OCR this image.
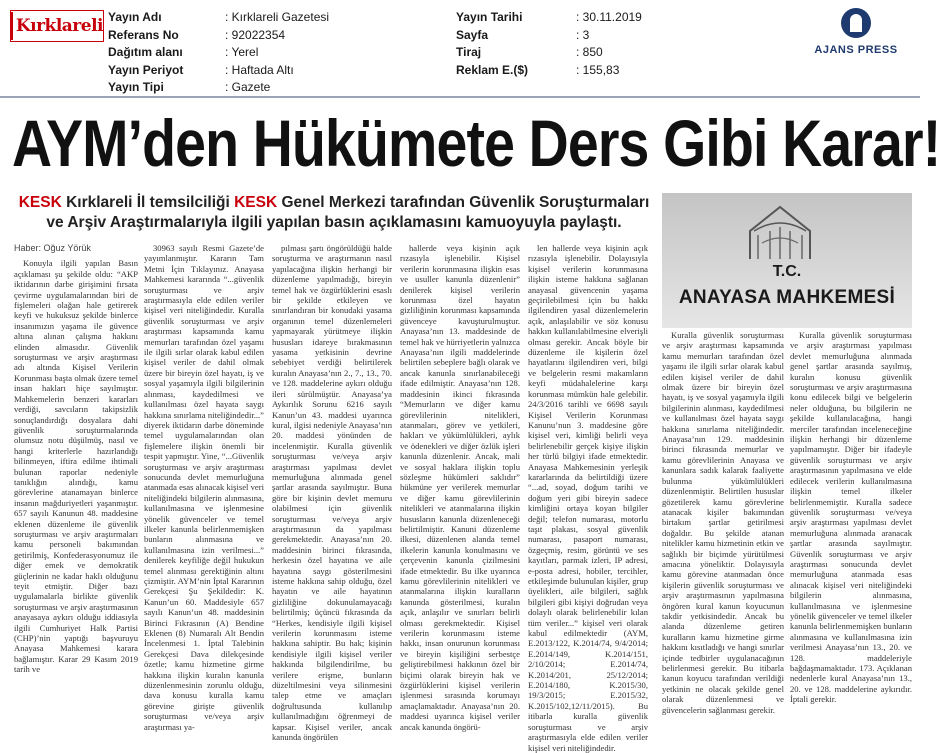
Kırklareli Yayın Adı	: Kırklareli Gazetesi
Referans No	: 92022354
Dağıtım alanı	: Yerel
Yayın Periyot	: Haftada Altı
Yayın Tipi	: Gazete
Yayın Tarihi	: 30.11.2019
Sayfa	: 3
Tiraj	: 850
Reklam E.($)	: 155,83
AJANS PRESS
AYM’den Hükümete Ders Gibi Karar!
KESK Kırklareli İl temsilciliği KESK Genel Merkezi tarafından Güvenlik Soruşturmaları ve Arşiv Araştırmalarıyla ilgili yapılan basın açıklamasını kamuoyuyla paylaştı.
T.C.
ANAYASA MAHKEMESİ
Haber: Oğuz Yörük

Konuyla ilgili yapılan Basın açıklaması şu şekilde oldu: “AKP iktidarının darbe girişimini fırsata çevirme uygulamalarından biri de fişlemeleri olağan hale getirerek keyfi ve hukuksuz şekilde binlerce insanımızın yaşama ile güvence altına alınan çalışma hakkını elinden almasıdır. Güvenlik soruşturması ve arşiv araştırması adı altında Kişisel Verilerin Korunması başta olmak üzere temel insan hakları hiçe sayılmıştır. Mahkemelerin benzeri kararları verdiği, savcıların takipsizlik sonuçlandırdığı dosyalara dahi güvenlik soruşturmalarında olumsuz notu düşülmüş, nasıl ve hangi kriterlerle hazırlandığı bilinmeyen, iftira edilme ihtimali bulunan raporlar nedeniyle tanıklığın alındığı, kamu görevlerine atanamayan binlerce insanın mağduriyetleri yaşanmıştır. 657 sayılı Kanunun 48. maddesine eklenen düzenleme ile güvenlik soruşturması ve arşiv araştırmaları kamu personeli bakımından getirilmiş, Konfederasyonumuz ile diğer emek ve demokratik güçlerinin ne kadar haklı olduğunu teyit etmiştir. Diğer bazı uygulamalarla birlikte güvenlik soruşturması ve arşiv araştırmasının anayasaya aykırı olduğu iddiasıyla ilgili Cumhuriyet Halk Partisi (CHP)’nin yaptığı başvuruyu Anayasa Mahkemesi karara bağlamıştır. Karar 29 Kasım 2019 tarih ve

30963 sayılı Resmi Gazete’de yayımlanmıştır. Kararın Tam Metni İçin Tıklayınız. Anayasa Mahkemesi kararında “...güvenlik soruşturması ve arşiv araştırmasıyla elde edilen veriler kişisel veri niteliğindedir. Kuralla güvenlik soruşturması ve arşiv araştırması kapsamında kamu memurları tarafından özel yaşamı ile ilgili sırlar olarak kabul edilen kişisel veriler de dahil olmak üzere bir bireyin özel hayatı, iş ve sosyal yaşamıyla ilgili bilgilerinin alınması, kaydedilmesi ve kullanılması özel hayata saygı hakkına sınırlama niteliğindedir...” diyerek iktidarın darbe döneminde temel uygulamalarından olan fişlemelere ilişkin önemli bir tespit yapmıştır. Yine, “...Güvenlik soruşturması ve arşiv araştırması sonucunda devlet memurluğuna atanmada esas alınacak kişisel veri niteliğindeki bilgilerin alınmasına, kullanılmasına ve işlenmesine yönelik güvenceler ve temel ilkeler kanunla belirlenmemişken bunların alınmasına ve kullanılmasına izin verilmesi...” denilerek keyfiliğe değil hukukun temel alınması gerektiğinin altını çizmiştir. AYM’nin İptal Kararının Gerekçesi Şu Şekildedir: K. Kanun’un 60. Maddesiyle 657 sayılı Kanun’un 48. maddesinin Birinci Fıkrasının (A) Bendine Eklenen (8) Numaralı Alt Bendin İncelenmesi 1. İptal Talebinin Gerekçesi Dava dilekçesinde özetle; kamu hizmetine girme hakkına ilişkin kuralın kanunla düzenlenmesinin zorunlu olduğu, dava konusu kuralla kamu görevine girişte güvenlik soruşturması ve/veya arşiv araştırması ya-

pılması şartı öngörüldüğü halde soruşturma ve araştırmanın nasıl yapılacağına ilişkin herhangi bir düzenleme yapılmadığı, bireyin temel hak ve özgürlüklerini esaslı bir şekilde etkileyen ve sınırlandıran bir konudaki yasama organının temel düzenlemeleri yapmayarak yürütmeye ilişkin hususları idareye bırakmasının yasama yetkisinin devrine sebebiyet verdiği belirtilerek kuralın Anayasa’nın 2., 7., 13., 70. ve 128. maddelerine aykırı olduğu ileri sürülmüştür. Anayasa’ya Aykırılık Sorunu 6216 sayılı Kanun’un 43. maddesi uyarınca kural, ilgisi nedeniyle Anayasa’nın 20. maddesi yönünden de incelenmiştir. Kuralla güvenlik soruşturması ve/veya arşiv araştırması yapılması devlet memurluğuna alınmada genel şartlar arasında sayılmıştır. Buna göre bir kişinin devlet memuru olabilmesi için güvenlik soruşturması ve/veya arşiv araştırmasının da yapılması gerekmektedir. Anayasa’nın 20. maddesinin birinci fıkrasında, herkesin özel hayatına ve aile hayatına saygı gösterilmesini isteme hakkına sahip olduğu, özel hayatın ve aile hayatının gizliliğine dokunulamayacağı belirtilmiş; üçüncü fıkrasında da “Herkes, kendisiyle ilgili kişisel verilerin korunmasını isteme hakkına sahiptir. Bu hak; kişinin kendisiyle ilgili kişisel veriler hakkında bilgilendirilme, bu verilere erişme, bunların düzeltilmesini veya silinmesini talep etme ve amaçları doğrultusunda kullanılıp kullanılmadığını öğrenmeyi de kapsar. Kişisel veriler, ancak kanunda öngörülen

hallerde veya kişinin açık rızasıyla işlenebilir. Kişisel verilerin korunmasına ilişkin esas ve usuller kanunla düzenlenir” denilerek kişisel verilerin korunması özel hayatın gizliliğinin korunması kapsamında güvenceye kavuşturulmuştur. Anayasa’nın 13. maddesinde de temel hak ve hürriyetlerin yalnızca Anayasa’nın ilgili maddelerinde belirtilen sebeplere bağlı olarak ve ancak kanunla sınırlanabileceği ifade edilmiştir. Anayasa’nın 128. maddesinin ikinci fıkrasında “Memurların ve diğer kamu görevlilerinin nitelikleri, atanmaları, görev ve yetkileri, hakları ve yükümlülükleri, aylık ve ödenekleri ve diğer özlük işleri kanunla düzenlenir. Ancak, mali ve sosyal haklara ilişkin toplu sözleşme hükümleri saklıdır” hükmüne yer verilerek memurlar ve diğer kamu görevlilerinin nitelikleri ve atanmalarına ilişkin hususların kanunla düzenleneceği belirtilmiştir. Kanuni düzenleme ilkesi, düzenlenen alanda temel ilkelerin kanunla konulmasını ve çerçevenin kanunla çizilmesini ifade etmektedir. Bu ilke uyarınca kamu görevlilerinin nitelikleri ve atanmalarına ilişkin kuralların kanunda gösterilmesi, kuralın açık, anlaşılır ve sınırları belirli olması gerekmektedir. Kişisel verilerin korunmasını isteme hakkı, insan onurunun korunması ve bireyin kişiliğini serbestçe geliştirebilmesi hakkının özel bir biçimi olarak bireyin hak ve özgürlüklerini kişisel verilerin işlenmesi sırasında korumayı amaçlamaktadır. Anayasa’nın 20. maddesi uyarınca kişisel veriler ancak kanunda öngörü-

len hallerde veya kişinin açık rızasıyla işlenebilir. Dolayısıyla kişisel verilerin korunmasına ilişkin isteme hakkına sağlanan anayasal güvencenin yaşama geçirilebilmesi için bu hakkı ilgilendiren yasal düzenlemelerin açık, anlaşılabilir ve söz konusu hakkın kullanılabilmesine elverişli olması gerekir. Ancak böyle bir düzenleme ile kişilerin özel hayatlarını ilgilendiren veri, bilgi ve belgelerin resmi makamların keyfi müdahalelerine karşı korunması mümkün hale gelebilir. 24/3/2016 tarihli ve 6698 sayılı Kişisel Verilerin Korunması Kanunu’nun 3. maddesine göre kişisel veri, kimliği belirli veya belirlenebilir gerçek kişiye ilişkin her türlü bilgiyi ifade etmektedir. Anayasa Mahkemesinin yerleşik kararlarında da belirtildiği üzere “...ad, soyad, doğum tarihi ve doğum yeri gibi bireyin sadece kimliğini ortaya koyan bilgiler değil; telefon numarası, motorlu taşıt plakası, sosyal güvenlik numarası, pasaport numarası, özgeçmiş, resim, görüntü ve ses kayıtları, parmak izleri, IP adresi, e-posta adresi, hobiler, tercihler, etkileşimde bulunulan kişiler, grup üyelikleri, aile bilgileri, sağlık bilgileri gibi kişiyi doğrudan veya dolaylı olarak belirlenebilir kılan tüm veriler...” kişisel veri olarak kabul edilmektedir (AYM, E.2013/122, K.2014/74, 9/4/2014; E.2014/149, K.2014/151, 2/10/2014; E.2014/74, K.2014/201, 25/12/2014; E.2014/180, K.2015/30, 19/3/2015; E.2015/32, K.2015/102,12/11/2015). Bu itibarla kuralla güvenlik soruşturması ve arşiv araştırmasıyla elde edilen veriler kişisel veri niteliğindedir.

Kuralla güvenlik soruşturması ve arşiv araştırması kapsamında kamu memurları tarafından özel yaşamı ile ilgili sırlar olarak kabul edilen kişisel veriler de dahil olmak üzere bir bireyin özel hayatı, iş ve sosyal yaşamıyla ilgili bilgilerinin alınması, kaydedilmesi ve kullanılması özel hayata saygı hakkına sınırlama niteliğindedir. Anayasa’nın 129. maddesinin birinci fıkrasında memurlar ve kamu görevlilerinin Anayasa ve kanunlara sadık kalarak faaliyette bulunma yükümlülükleri düzenlenmiştir. Belirtilen hususlar gözetilerek kamu görevlerine atanacak kişiler bakımından birtakım şartlar getirilmesi doğaldır. Bu şekilde atanan nitelikler kamu hizmetinin etkin ve sağlıklı bir biçimde yürütülmesi amacına yöneliktir. Dolayısıyla kamu görevine atanmadan önce kişilerin güvenlik soruşturması ve arşiv araştırmasının yapılmasına öngören kural kanun koyucunun takdir yetkisindedir. Ancak bu alanda düzenleme getiren kuralların kamu hizmetine girme hakkını kısıtladığı ve hangi sınırlar içinde tedbirler uygulanacağının belirlenmesi gerekir. Bu itibarla kanun koyucu tarafından verildiği yetkinin ne olacak şekilde genel olarak düzenlenmesi ve güvencelerin sağlanması gerekir.

Kuralla güvenlik soruşturması ve arşiv araştırması yapılması devlet memurluğuna alınmada genel şartlar arasında sayılmış, kuralın konusu güvenlik soruşturması ve arşiv araştırmasına konu edilecek bilgi ve belgelerin neler olduğuna, bu bilgilerin ne şekilde kullanılacağına, hangi merciler tarafından inceleneceğine ilişkin herhangi bir düzenleme yapılmamıştır. Diğer bir ifadeyle güvenlik soruşturması ve arşiv araştırmasının yapılmasına ve elde edilecek verilerin kullanılmasına ilişkin temel ilkeler belirlenmemiştir. Kuralla sadece güvenlik soruşturması ve/veya arşiv araştırması yapılması devlet memurluğuna alınmada aranacak şartlar arasında sayılmıştır. Güvenlik soruşturması ve arşiv araştırması sonucunda devlet memurluğuna atanmada esas alınacak kişisel veri niteliğindeki bilgilerin alınmasına, kullanılmasına ve işlenmesine yönelik güvenceler ve temel ilkeler kanunla belirlenmemişken bunların alınmasına ve kullanılmasına izin verilmesi Anayasa’nın 13., 20. ve 128. maddeleriyle bağdaşmamaktadır. 173. Açıklanan nedenlerle kural Anayasa’nın 13., 20. ve 128. maddelerine aykırıdır. İptali gerekir.
